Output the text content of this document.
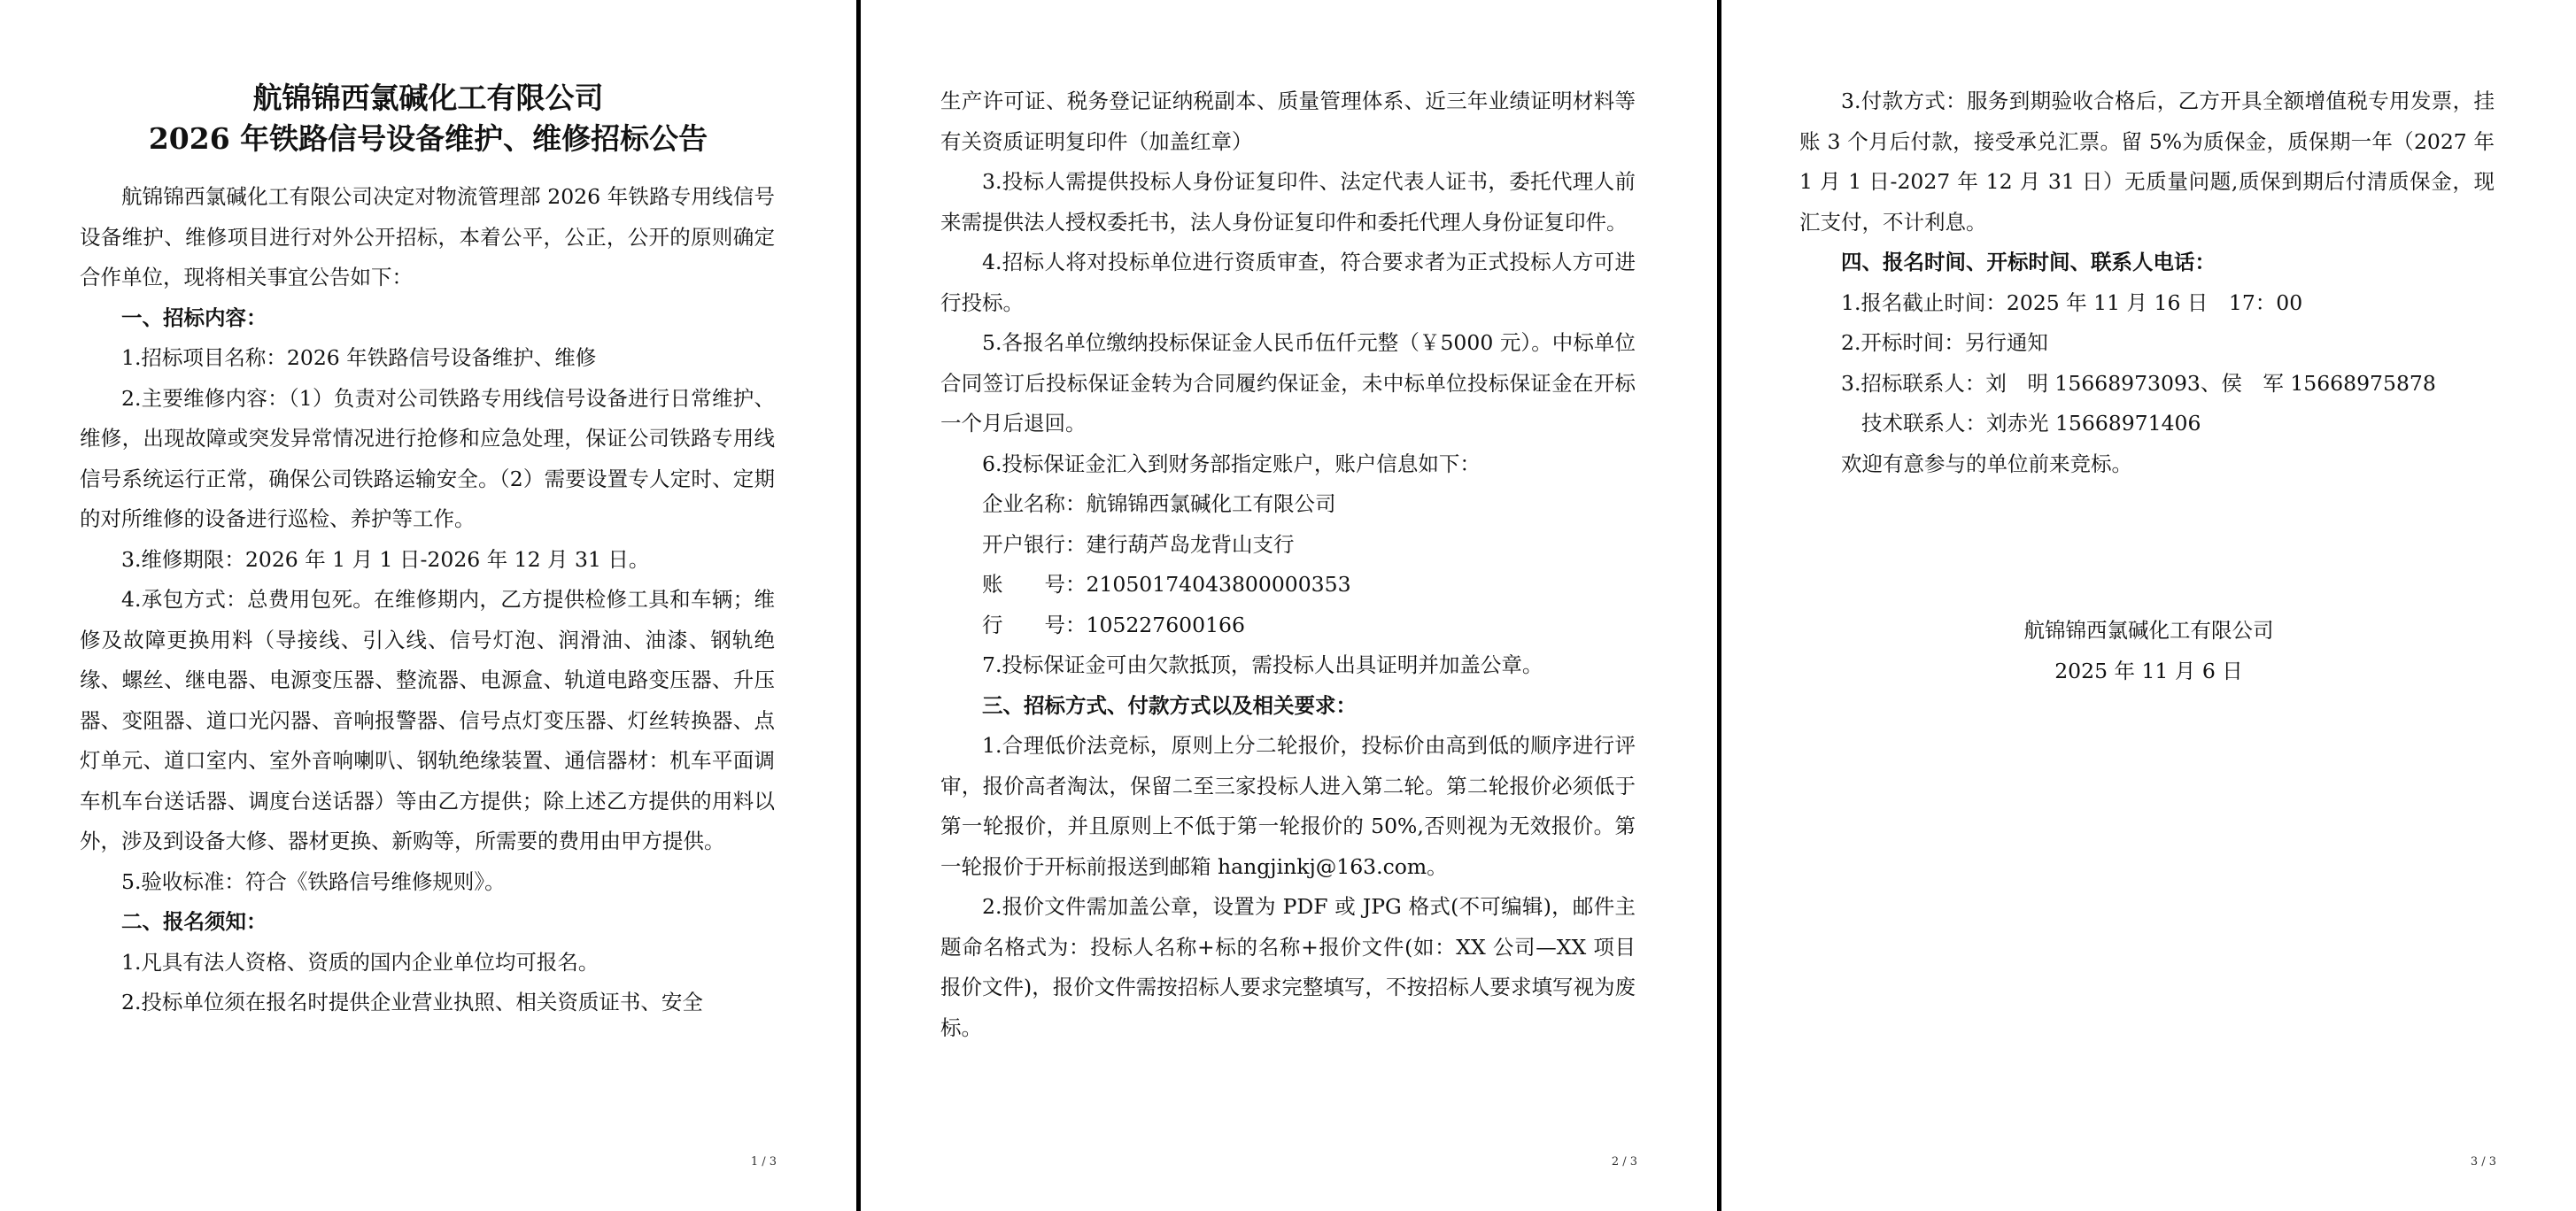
航锦锦西氯碱化工有限公司
2026 年铁路信号设备维护、维修招标公告

航锦锦西氯碱化工有限公司决定对物流管理部 2026 年铁路专用线信号设备维护、维修项目进行对外公开招标，本着公平，公正，公开的原则确定合作单位，现将相关事宜公告如下：

一、招标内容：

1.招标项目名称：2026 年铁路信号设备维护、维修

2.主要维修内容：（1）负责对公司铁路专用线信号设备进行日常维护、维修，出现故障或突发异常情况进行抢修和应急处理，保证公司铁路专用线信号系统运行正常，确保公司铁路运输安全。（2）需要设置专人定时、定期的对所维修的设备进行巡检、养护等工作。

3.维修期限：2026 年 1 月 1 日-2026 年 12 月 31 日。

4.承包方式：总费用包死。在维修期内，乙方提供检修工具和车辆；维修及故障更换用料（导接线、引入线、信号灯泡、润滑油、油漆、钢轨绝缘、螺丝、继电器、电源变压器、整流器、电源盒、轨道电路变压器、升压器、变阻器、道口光闪器、音响报警器、信号点灯变压器、灯丝转换器、点灯单元、道口室内、室外音响喇叭、钢轨绝缘装置、通信器材：机车平面调车机车台送话器、调度台送话器）等由乙方提供；除上述乙方提供的用料以外，涉及到设备大修、器材更换、新购等，所需要的费用由甲方提供。

5.验收标准：符合《铁路信号维修规则》。

二、报名须知：

1.凡具有法人资格、资质的国内企业单位均可报名。

2.投标单位须在报名时提供企业营业执照、相关资质证书、安全

1 / 3

生产许可证、税务登记证纳税副本、质量管理体系、近三年业绩证明材料等有关资质证明复印件（加盖红章）

3.投标人需提供投标人身份证复印件、法定代表人证书，委托代理人前来需提供法人授权委托书，法人身份证复印件和委托代理人身份证复印件。

4.招标人将对投标单位进行资质审查，符合要求者为正式投标人方可进行投标。

5.各报名单位缴纳投标保证金人民币伍仟元整（￥5000 元）。中标单位合同签订后投标保证金转为合同履约保证金，未中标单位投标保证金在开标一个月后退回。

6.投标保证金汇入到财务部指定账户，账户信息如下：

企业名称：航锦锦西氯碱化工有限公司

开户银行：建行葫芦岛龙背山支行

账　　号：21050174043800000353

行　　号：105227600166

7.投标保证金可由欠款抵顶，需投标人出具证明并加盖公章。

三、招标方式、付款方式以及相关要求：

1.合理低价法竞标，原则上分二轮报价，投标价由高到低的顺序进行评审，报价高者淘汰，保留二至三家投标人进入第二轮。第二轮报价必须低于第一轮报价，并且原则上不低于第一轮报价的 50%,否则视为无效报价。第一轮报价于开标前报送到邮箱 hangjinkj@163.com。

2.报价文件需加盖公章，设置为 PDF 或 JPG 格式(不可编辑)，邮件主题命名格式为：投标人名称+标的名称+报价文件(如：XX 公司—XX 项目报价文件)，报价文件需按招标人要求完整填写，不按招标人要求填写视为废标。

2 / 3

3.付款方式：服务到期验收合格后，乙方开具全额增值税专用发票，挂账 3 个月后付款，接受承兑汇票。留 5%为质保金，质保期一年（2027 年 1 月 1 日-2027 年 12 月 31 日）无质量问题,质保到期后付清质保金，现汇支付，不计利息。

四、报名时间、开标时间、联系人电话：

1.报名截止时间：2025 年 11 月 16 日　17：00

2.开标时间：另行通知

3.招标联系人：刘　明 15668973093、侯　军 15668975878

技术联系人：刘赤光 15668971406

欢迎有意参与的单位前来竞标。

3 / 3
航锦锦西氯碱化工有限公司
2025 年 11 月 6 日
